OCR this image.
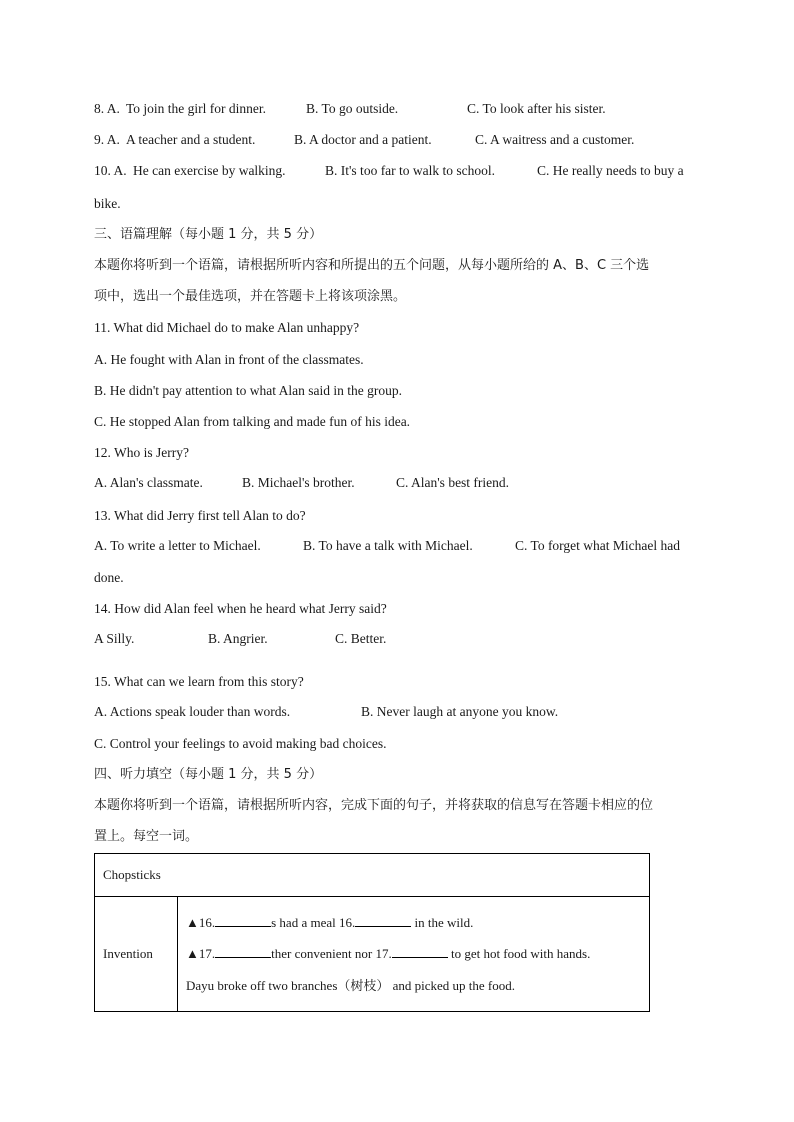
8. A. To join the girl for dinner.	B. To go outside.	C. To look after his sister.
9. A. A teacher and a student.	B. A doctor and a patient.	C. A waitress and a customer.
10. A. He can exercise by walking.	B. It's too far to walk to school.	C. He really needs to buy a
bike.
三、语篇理解（每小题 1 分，共 5 分）
本题你将听到一个语篇，请根据所听内容和所提出的五个问题，从每小题所给的 A、B、C 三个选
项中，选出一个最佳选项，并在答题卡上将该项涂黑。
11. What did Michael do to make Alan unhappy?
A. He fought with Alan in front of the classmates.
B. He didn't pay attention to what Alan said in the group.
C. He stopped Alan from talking and made fun of his idea.
12. Who is Jerry?
A. Alan's classmate.	B. Michael's brother.	C. Alan's best friend.
13. What did Jerry first tell Alan to do?
A. To write a letter to Michael.	B. To have a talk with Michael.	C. To forget what Michael had
done.
14. How did Alan feel when he heard what Jerry said?
A Silly.	B. Angrier.	C. Better.
15. What can we learn from this story?
A. Actions speak louder than words.	B. Never laugh at anyone you know.
C. Control your feelings to avoid making bad choices.
四、听力填空（每小题 1 分，共 5 分）
本题你将听到一个语篇，请根据所听内容，完成下面的句子，并将获取的信息写在答题卡相应的位
置上。每空一词。
Chopsticks
Invention	
▲16.	s had a meal 16.	in the wild.
▲17.	ther convenient nor 17.	to get hot food with hands.
Dayu broke off two branches（树枝） and picked up the food.
